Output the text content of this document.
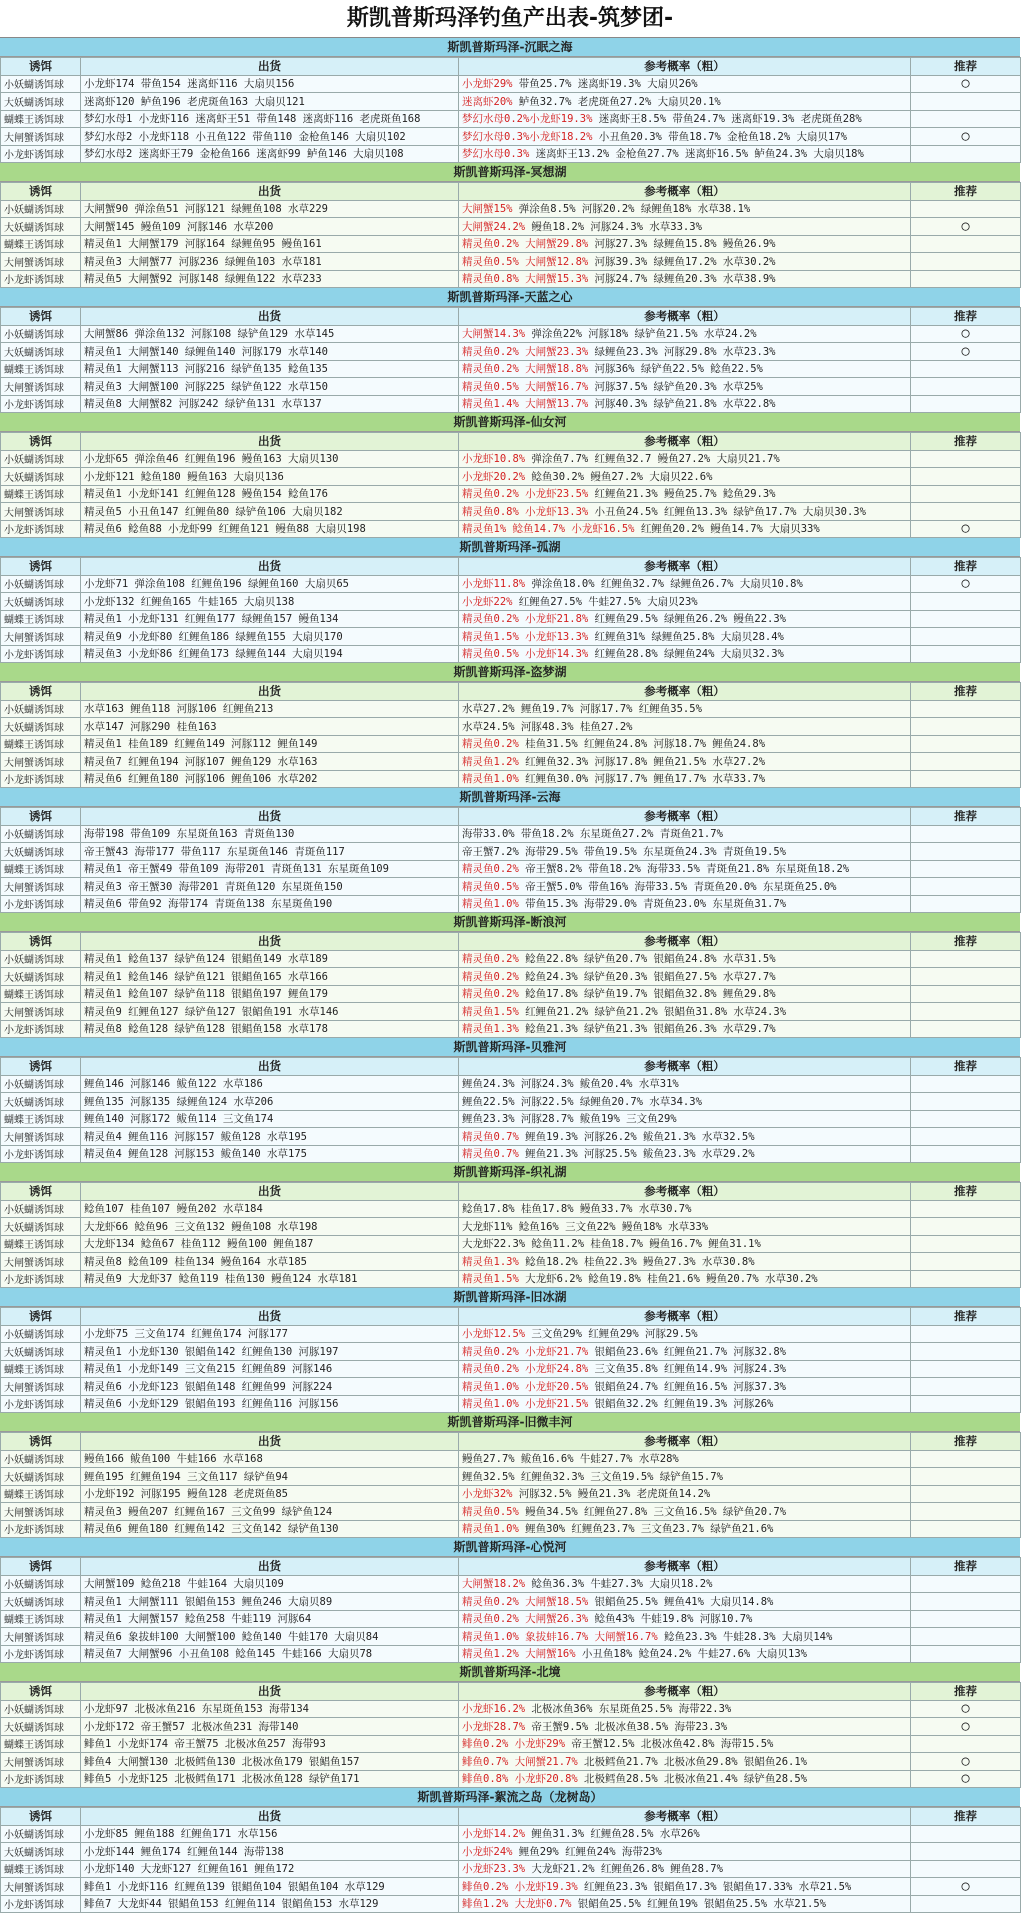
斯凯普斯玛泽钓鱼产出表-筑梦团-
斯凯普斯玛泽-沉眠之海
诱饵	出货	参考概率（粗）	推荐
小妖蝴诱饵球	小龙虾174 带鱼154 迷离虾116 大扇贝156	小龙虾29% 带鱼25.7% 迷离虾19.3% 大扇贝26%	◯
大妖蝴诱饵球	迷离虾120 鲈鱼196 老虎斑鱼163 大扇贝121	迷离虾20% 鲈鱼32.7% 老虎斑鱼27.2% 大扇贝20.1%	
蝴蝶王诱饵球	梦幻水母1 小龙虾116 迷离虾王51 带鱼148 迷离虾116 老虎斑鱼168	梦幻水母0.2%小龙虾19.3% 迷离虾王8.5% 带鱼24.7% 迷离虾19.3% 老虎斑鱼28%	
大闸蟹诱饵球	梦幻水母2 小龙虾118 小丑鱼122 带鱼110 金枪鱼146 大扇贝102	梦幻水母0.3%小龙虾18.2% 小丑鱼20.3% 带鱼18.7% 金枪鱼18.2% 大扇贝17%	◯
小龙虾诱饵球	梦幻水母2 迷离虾王79 金枪鱼166 迷离虾99 鲈鱼146 大扇贝108	梦幻水母0.3% 迷离虾王13.2% 金枪鱼27.7% 迷离虾16.5% 鲈鱼24.3% 大扇贝18%	
斯凯普斯玛泽-冥想湖
诱饵	出货	参考概率（粗）	推荐
小妖蝴诱饵球	大闸蟹90 弹涂鱼51 河豚121 绿鲤鱼108 水草229	大闸蟹15% 弹涂鱼8.5% 河豚20.2% 绿鲤鱼18% 水草38.1%	
大妖蝴诱饵球	大闸蟹145 鳗鱼109 河豚146 水草200	大闸蟹24.2% 鳗鱼18.2% 河豚24.3% 水草33.3%	◯
蝴蝶王诱饵球	精灵鱼1 大闸蟹179 河豚164 绿鲤鱼95 鳗鱼161	精灵鱼0.2% 大闸蟹29.8% 河豚27.3% 绿鲤鱼15.8% 鳗鱼26.9%	
大闸蟹诱饵球	精灵鱼3 大闸蟹77 河豚236 绿鲤鱼103 水草181	精灵鱼0.5% 大闸蟹12.8% 河豚39.3% 绿鲤鱼17.2% 水草30.2%	
小龙虾诱饵球	精灵鱼5 大闸蟹92 河豚148 绿鲤鱼122 水草233	精灵鱼0.8% 大闸蟹15.3% 河豚24.7% 绿鲤鱼20.3% 水草38.9%	
斯凯普斯玛泽-天蓝之心
诱饵	出货	参考概率（粗）	推荐
小妖蝴诱饵球	大闸蟹86 弹涂鱼132 河豚108 绿铲鱼129 水草145	大闸蟹14.3% 弹涂鱼22% 河豚18% 绿铲鱼21.5% 水草24.2%	◯
大妖蝴诱饵球	精灵鱼1 大闸蟹140 绿鲤鱼140 河豚179 水草140	精灵鱼0.2% 大闸蟹23.3% 绿鲤鱼23.3% 河豚29.8% 水草23.3%	◯
蝴蝶王诱饵球	精灵鱼1 大闸蟹113 河豚216 绿铲鱼135 鲶鱼135	精灵鱼0.2% 大闸蟹18.8% 河豚36% 绿铲鱼22.5% 鲶鱼22.5%	
大闸蟹诱饵球	精灵鱼3 大闸蟹100 河豚225 绿铲鱼122 水草150	精灵鱼0.5% 大闸蟹16.7% 河豚37.5% 绿铲鱼20.3% 水草25%	
小龙虾诱饵球	精灵鱼8 大闸蟹82 河豚242 绿铲鱼131 水草137	精灵鱼1.4% 大闸蟹13.7% 河豚40.3% 绿铲鱼21.8% 水草22.8%	
斯凯普斯玛泽-仙女河
诱饵	出货	参考概率（粗）	推荐
小妖蝴诱饵球	小龙虾65 弹涂鱼46 红鲤鱼196 鳗鱼163 大扇贝130	小龙虾10.8% 弹涂鱼7.7% 红鲤鱼32.7 鳗鱼27.2% 大扇贝21.7%	
大妖蝴诱饵球	小龙虾121 鲶鱼180 鳗鱼163 大扇贝136	小龙虾20.2% 鲶鱼30.2% 鳗鱼27.2% 大扇贝22.6%	
蝴蝶王诱饵球	精灵鱼1 小龙虾141 红鲤鱼128 鳗鱼154 鲶鱼176	精灵鱼0.2% 小龙虾23.5% 红鲤鱼21.3% 鳗鱼25.7% 鲶鱼29.3%	
大闸蟹诱饵球	精灵鱼5 小丑鱼147 红鲤鱼80 绿铲鱼106 大扇贝182	精灵鱼0.8% 小龙虾13.3% 小丑鱼24.5% 红鲤鱼13.3% 绿铲鱼17.7% 大扇贝30.3%	
小龙虾诱饵球	精灵鱼6 鲶鱼88 小龙虾99 红鲤鱼121 鳗鱼88 大扇贝198	精灵鱼1% 鲶鱼14.7% 小龙虾16.5% 红鲤鱼20.2% 鳗鱼14.7% 大扇贝33%	◯
斯凯普斯玛泽-孤湖
诱饵	出货	参考概率（粗）	推荐
小妖蝴诱饵球	小龙虾71 弹涂鱼108 红鲤鱼196 绿鲤鱼160 大扇贝65	小龙虾11.8% 弹涂鱼18.0% 红鲤鱼32.7% 绿鲤鱼26.7% 大扇贝10.8%	◯
大妖蝴诱饵球	小龙虾132 红鲤鱼165 牛蛙165 大扇贝138	小龙虾22% 红鲤鱼27.5% 牛蛙27.5% 大扇贝23%	
蝴蝶王诱饵球	精灵鱼1 小龙虾131 红鲤鱼177 绿鲤鱼157 鳗鱼134	精灵鱼0.2% 小龙虾21.8% 红鲤鱼29.5% 绿鲤鱼26.2% 鳗鱼22.3%	
大闸蟹诱饵球	精灵鱼9 小龙虾80 红鲤鱼186 绿鲤鱼155 大扇贝170	精灵鱼1.5% 小龙虾13.3% 红鲤鱼31% 绿鲤鱼25.8% 大扇贝28.4%	
小龙虾诱饵球	精灵鱼3 小龙虾86 红鲤鱼173 绿鲤鱼144 大扇贝194	精灵鱼0.5% 小龙虾14.3% 红鲤鱼28.8% 绿鲤鱼24% 大扇贝32.3%	
斯凯普斯玛泽-盗梦湖
诱饵	出货	参考概率（粗）	推荐
小妖蝴诱饵球	水草163 鲤鱼118 河豚106 红鲤鱼213	水草27.2% 鲤鱼19.7% 河豚17.7% 红鲤鱼35.5%	
大妖蝴诱饵球	水草147 河豚290 桂鱼163	水草24.5% 河豚48.3% 桂鱼27.2%	
蝴蝶王诱饵球	精灵鱼1 桂鱼189 红鲤鱼149 河豚112 鲤鱼149	精灵鱼0.2% 桂鱼31.5% 红鲤鱼24.8% 河豚18.7% 鲤鱼24.8%	
大闸蟹诱饵球	精灵鱼7 红鲤鱼194 河豚107 鲤鱼129 水草163	精灵鱼1.2% 红鲤鱼32.3% 河豚17.8% 鲤鱼21.5% 水草27.2%	
小龙虾诱饵球	精灵鱼6 红鲤鱼180 河豚106 鲤鱼106 水草202	精灵鱼1.0% 红鲤鱼30.0% 河豚17.7% 鲤鱼17.7% 水草33.7%	
斯凯普斯玛泽-云海
诱饵	出货	参考概率（粗）	推荐
小妖蝴诱饵球	海带198 带鱼109 东星斑鱼163 青斑鱼130	海带33.0% 带鱼18.2% 东星斑鱼27.2% 青斑鱼21.7%	
大妖蝴诱饵球	帝王蟹43 海带177 带鱼117 东星斑鱼146 青斑鱼117	帝王蟹7.2% 海带29.5% 带鱼19.5% 东星斑鱼24.3% 青斑鱼19.5%	
蝴蝶王诱饵球	精灵鱼1 帝王蟹49 带鱼109 海带201 青斑鱼131 东星斑鱼109	精灵鱼0.2% 帝王蟹8.2% 带鱼18.2% 海带33.5% 青斑鱼21.8% 东星斑鱼18.2%	
大闸蟹诱饵球	精灵鱼3 帝王蟹30 海带201 青斑鱼120 东星斑鱼150	精灵鱼0.5% 帝王蟹5.0% 带鱼16% 海带33.5% 青斑鱼20.0% 东星斑鱼25.0%	
小龙虾诱饵球	精灵鱼6 带鱼92 海带174 青斑鱼138 东星斑鱼190	精灵鱼1.0% 带鱼15.3% 海带29.0% 青斑鱼23.0% 东星斑鱼31.7%	
斯凯普斯玛泽-断浪河
诱饵	出货	参考概率（粗）	推荐
小妖蝴诱饵球	精灵鱼1 鲶鱼137 绿铲鱼124 银鲳鱼149 水草189	精灵鱼0.2% 鲶鱼22.8% 绿铲鱼20.7% 银鲳鱼24.8% 水草31.5%	
大妖蝴诱饵球	精灵鱼1 鲶鱼146 绿铲鱼121 银鲳鱼165 水草166	精灵鱼0.2% 鲶鱼24.3% 绿铲鱼20.3% 银鲳鱼27.5% 水草27.7%	
蝴蝶王诱饵球	精灵鱼1 鲶鱼107 绿铲鱼118 银鲳鱼197 鲤鱼179	精灵鱼0.2% 鲶鱼17.8% 绿铲鱼19.7% 银鲳鱼32.8% 鲤鱼29.8%	
大闸蟹诱饵球	精灵鱼9 红鲤鱼127 绿铲鱼127 银鲳鱼191 水草146	精灵鱼1.5% 红鲤鱼21.2% 绿铲鱼21.2% 银鲳鱼31.8% 水草24.3%	
小龙虾诱饵球	精灵鱼8 鲶鱼128 绿铲鱼128 银鲳鱼158 水草178	精灵鱼1.3% 鲶鱼21.3% 绿铲鱼21.3% 银鲳鱼26.3% 水草29.7%	
斯凯普斯玛泽-贝雅河
诱饵	出货	参考概率（粗）	推荐
小妖蝴诱饵球	鲤鱼146 河豚146 鲅鱼122 水草186	鲤鱼24.3% 河豚24.3% 鲅鱼20.4% 水草31%	
大妖蝴诱饵球	鲤鱼135 河豚135 绿鲤鱼124 水草206	鲤鱼22.5% 河豚22.5% 绿鲤鱼20.7% 水草34.3%	
蝴蝶王诱饵球	鲤鱼140 河豚172 鲅鱼114 三文鱼174	鲤鱼23.3% 河豚28.7% 鲅鱼19% 三文鱼29%	
大闸蟹诱饵球	精灵鱼4 鲤鱼116 河豚157 鲅鱼128 水草195	精灵鱼0.7% 鲤鱼19.3% 河豚26.2% 鲅鱼21.3% 水草32.5%	
小龙虾诱饵球	精灵鱼4 鲤鱼128 河豚153 鲅鱼140 水草175	精灵鱼0.7% 鲤鱼21.3% 河豚25.5% 鲅鱼23.3% 水草29.2%	
斯凯普斯玛泽-织礼湖
诱饵	出货	参考概率（粗）	推荐
小妖蝴诱饵球	鲶鱼107 桂鱼107 鳗鱼202 水草184	鲶鱼17.8% 桂鱼17.8% 鳗鱼33.7% 水草30.7%	
大妖蝴诱饵球	大龙虾66 鲶鱼96 三文鱼132 鳗鱼108 水草198	大龙虾11% 鲶鱼16% 三文鱼22% 鳗鱼18% 水草33%	
蝴蝶王诱饵球	大龙虾134 鲶鱼67 桂鱼112 鳗鱼100 鲤鱼187	大龙虾22.3% 鲶鱼11.2% 桂鱼18.7% 鳗鱼16.7% 鲤鱼31.1%	
大闸蟹诱饵球	精灵鱼8 鲶鱼109 桂鱼134 鳗鱼164 水草185	精灵鱼1.3% 鲶鱼18.2% 桂鱼22.3% 鳗鱼27.3% 水草30.8%	
小龙虾诱饵球	精灵鱼9 大龙虾37 鲶鱼119 桂鱼130 鳗鱼124 水草181	精灵鱼1.5% 大龙虾6.2% 鲶鱼19.8% 桂鱼21.6% 鳗鱼20.7% 水草30.2%	
斯凯普斯玛泽-旧冰湖
诱饵	出货	参考概率（粗）	推荐
小妖蝴诱饵球	小龙虾75 三文鱼174 红鲤鱼174 河豚177	小龙虾12.5% 三文鱼29% 红鲤鱼29% 河豚29.5%	
大妖蝴诱饵球	精灵鱼1 小龙虾130 银鲳鱼142 红鲤鱼130 河豚197	精灵鱼0.2% 小龙虾21.7% 银鲳鱼23.6% 红鲤鱼21.7% 河豚32.8%	
蝴蝶王诱饵球	精灵鱼1 小龙虾149 三文鱼215 红鲤鱼89 河豚146	精灵鱼0.2% 小龙虾24.8% 三文鱼35.8% 红鲤鱼14.9% 河豚24.3%	
大闸蟹诱饵球	精灵鱼6 小龙虾123 银鲳鱼148 红鲤鱼99 河豚224	精灵鱼1.0% 小龙虾20.5% 银鲳鱼24.7% 红鲤鱼16.5% 河豚37.3%	
小龙虾诱饵球	精灵鱼6 小龙虾129 银鲳鱼193 红鲤鱼116 河豚156	精灵鱼1.0% 小龙虾21.5% 银鲳鱼32.2% 红鲤鱼19.3% 河豚26%	
斯凯普斯玛泽-旧微丰河
诱饵	出货	参考概率（粗）	推荐
小妖蝴诱饵球	鳗鱼166 鲅鱼100 牛蛙166 水草168	鳗鱼27.7% 鲅鱼16.6% 牛蛙27.7% 水草28%	
大妖蝴诱饵球	鲤鱼195 红鲤鱼194 三文鱼117 绿铲鱼94	鲤鱼32.5% 红鲤鱼32.3% 三文鱼19.5% 绿铲鱼15.7%	
蝴蝶王诱饵球	小龙虾192 河豚195 鳗鱼128 老虎斑鱼85	小龙虾32% 河豚32.5% 鳗鱼21.3% 老虎斑鱼14.2%	
大闸蟹诱饵球	精灵鱼3 鳗鱼207 红鲤鱼167 三文鱼99 绿铲鱼124	精灵鱼0.5% 鳗鱼34.5% 红鲤鱼27.8% 三文鱼16.5% 绿铲鱼20.7%	
小龙虾诱饵球	精灵鱼6 鲤鱼180 红鲤鱼142 三文鱼142 绿铲鱼130	精灵鱼1.0% 鲤鱼30% 红鲤鱼23.7% 三文鱼23.7% 绿铲鱼21.6%	
斯凯普斯玛泽-心悦河
诱饵	出货	参考概率（粗）	推荐
小妖蝴诱饵球	大闸蟹109 鲶鱼218 牛蛙164 大扇贝109	大闸蟹18.2% 鲶鱼36.3% 牛蛙27.3% 大扇贝18.2%	
大妖蝴诱饵球	精灵鱼1 大闸蟹111 银鲳鱼153 鲤鱼246 大扇贝89	精灵鱼0.2% 大闸蟹18.5% 银鲳鱼25.5% 鲤鱼41% 大扇贝14.8%	
蝴蝶王诱饵球	精灵鱼1 大闸蟹157 鲶鱼258 牛蛙119 河豚64	精灵鱼0.2% 大闸蟹26.3% 鲶鱼43% 牛蛙19.8% 河豚10.7%	
大闸蟹诱饵球	精灵鱼6 象拔蚌100 大闸蟹100 鲶鱼140 牛蛙170 大扇贝84	精灵鱼1.0% 象拔蚌16.7% 大闸蟹16.7% 鲶鱼23.3% 牛蛙28.3% 大扇贝14%	
小龙虾诱饵球	精灵鱼7 大闸蟹96 小丑鱼108 鲶鱼145 牛蛙166 大扇贝78	精灵鱼1.2% 大闸蟹16% 小丑鱼18% 鲶鱼24.2% 牛蛙27.6% 大扇贝13%	
斯凯普斯玛泽-北境
诱饵	出货	参考概率（粗）	推荐
小妖蝴诱饵球	小龙虾97 北极冰鱼216 东星斑鱼153 海带134	小龙虾16.2% 北极冰鱼36% 东星斑鱼25.5% 海带22.3%	◯
大妖蝴诱饵球	小龙虾172 帝王蟹57 北极冰鱼231 海带140	小龙虾28.7% 帝王蟹9.5% 北极冰鱼38.5% 海带23.3%	◯
蝴蝶王诱饵球	鲱鱼1 小龙虾174 帝王蟹75 北极冰鱼257 海带93	鲱鱼0.2% 小龙虾29% 帝王蟹12.5% 北极冰鱼42.8% 海带15.5%	
大闸蟹诱饵球	鲱鱼4 大闸蟹130 北极鳕鱼130 北极冰鱼179 银鲳鱼157	鲱鱼0.7% 大闸蟹21.7% 北极鳕鱼21.7% 北极冰鱼29.8% 银鲳鱼26.1%	◯
小龙虾诱饵球	鲱鱼5 小龙虾125 北极鳕鱼171 北极冰鱼128 绿铲鱼171	鲱鱼0.8% 小龙虾20.8% 北极鳕鱼28.5% 北极冰鱼21.4% 绿铲鱼28.5%	◯
斯凯普斯玛泽-絮流之岛（龙树岛）
诱饵	出货	参考概率（粗）	推荐
小妖蝴诱饵球	小龙虾85 鲤鱼188 红鲤鱼171 水草156	小龙虾14.2% 鲤鱼31.3% 红鲤鱼28.5% 水草26%	
大妖蝴诱饵球	小龙虾144 鲤鱼174 红鲤鱼144 海带138	小龙虾24% 鲤鱼29% 红鲤鱼24% 海带23%	
蝴蝶王诱饵球	小龙虾140 大龙虾127 红鲤鱼161 鲤鱼172	小龙虾23.3% 大龙虾21.2% 红鲤鱼26.8% 鲤鱼28.7%	
大闸蟹诱饵球	鲱鱼1 小龙虾116 红鲤鱼139 银鲳鱼104 银鲳鱼104 水草129	鲱鱼0.2% 小龙虾19.3% 红鲤鱼23.3% 银鲳鱼17.3% 银鲳鱼17.33% 水草21.5%	◯
小龙虾诱饵球	鲱鱼7 大龙虾44 银鲳鱼153 红鲤鱼114 银鲳鱼153 水草129	鲱鱼1.2% 大龙虾0.7% 银鲳鱼25.5% 红鲤鱼19% 银鲳鱼25.5% 水草21.5%	
